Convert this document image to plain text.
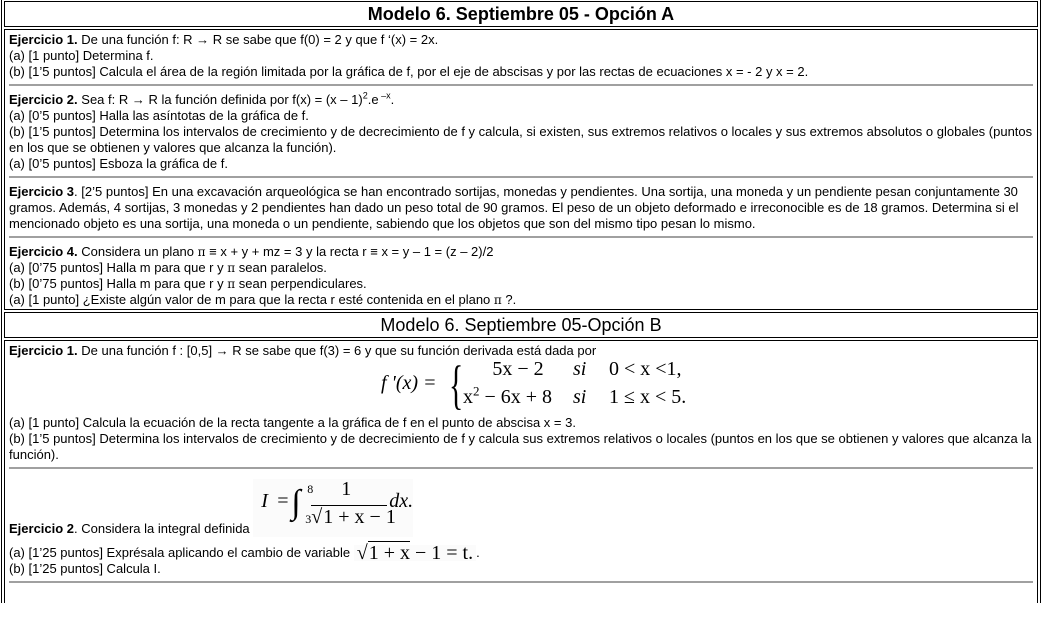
Modelo 6. Septiembre 05 - Opción A
Ejercicio 1. De una función f: R → R se sabe que f(0) = 2 y que f ‘(x) = 2x.
(a) [1 punto] Determina f.
(b) [1’5 puntos] Calcula el área de la región limitada por la gráfica de f, por el eje de abscisas y por las rectas de ecuaciones x = - 2 y x = 2.
Ejercicio 2. Sea f: R → R la función definida por f(x) = (x – 1)$^2$.e $^{-x}$.
(a) [0’5 puntos] Halla las asíntotas de la gráfica de f.
(b) [1’5 puntos] Determina los intervalos de crecimiento y de decrecimiento de f y calcula, si existen, sus extremos relativos o locales y sus extremos absolutos o globales (puntos en los que se obtienen y valores que alcanza la función).
(a) [0’5 puntos] Esboza la gráfica de f.
Ejercicio 3. [2’5 puntos] En una excavación arqueológica se han encontrado sortijas, monedas y pendientes. Una sortija, una moneda y un pendiente pesan conjuntamente 30 gramos. Además, 4 sortijas, 3 monedas y 2 pendientes han dado un peso total de 90 gramos. El peso de un objeto deformado e irreconocible es de 18 gramos. Determina si el mencionado objeto es una sortija, una moneda o un pendiente, sabiendo que los objetos que son del mismo tipo pesan lo mismo.
Ejercicio 4. Considera un plano π ≡ x + y + mz = 3 y la recta r ≡ x = y – 1 = (z – 2)/2
(a) [0’75 puntos] Halla m para que r y π sean paralelos.
(b) [0’75 puntos] Halla m para que r y π sean perpendiculares.
(a) [1 punto] ¿Existe algún valor de m para que la recta r esté contenida en el plano π ?.
Modelo 6. Septiembre 05-Opción B
Ejercicio 1. De una función f : [0,5] → R se sabe que f(3) = 6 y que su función derivada está dada por
f '(x) = {	5x − 2 si 0 < x <1,
$x^2 - 6x + 8$ si 1 ≤ x < 5.
(a) [1 punto] Calcula la ecuación de la recta tangente a la gráfica de f en el punto de abscisa x = 3.
(b) [1’5 puntos] Determina los intervalos de crecimiento y de decrecimiento de f y calcula sus extremos relativos o locales (puntos en los que se obtienen y valores que alcanza la función).
Ejercicio 2. Considera la integral definida
I = ∫ 8
3
1
√1 + x − 1
dx.
(a) [1’25 puntos] Exprésala aplicando el cambio de variable √1 + x − 1 = t. .
(b) [1’25 puntos] Calcula I.
